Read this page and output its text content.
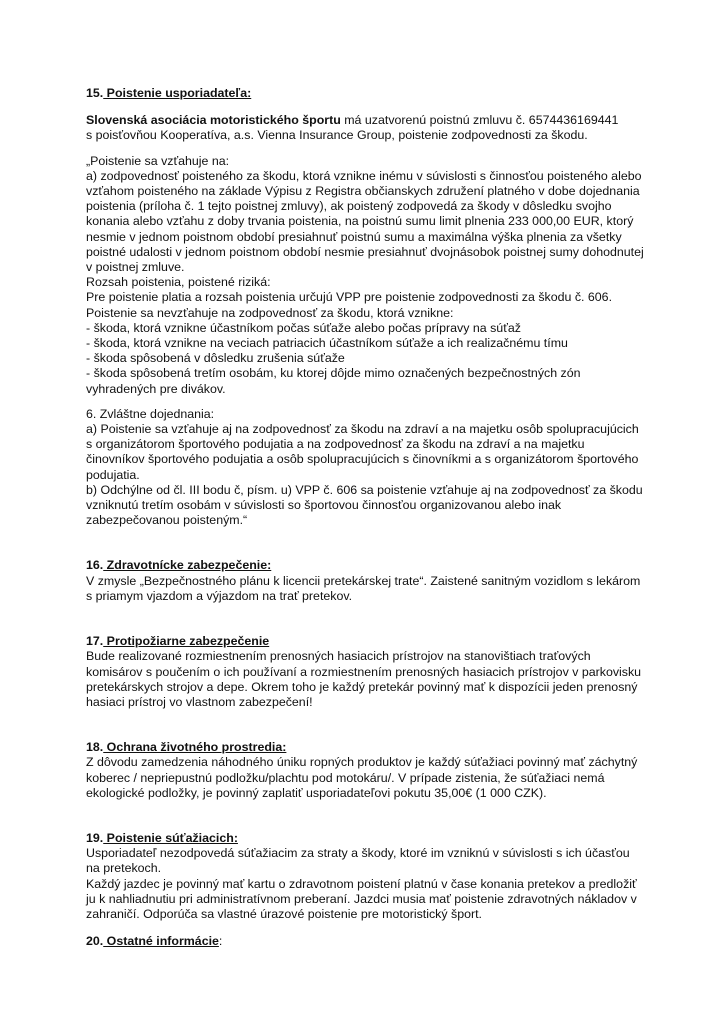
15. Poistenie usporiadateľa:

Slovenská asociácia motoristického športu má uzatvorenú poistnú zmluvu č. 6574436169441
s poisťovňou Kooperatíva, a.s. Vienna Insurance Group, poistenie zodpovednosti za škodu.

„Poistenie sa vzťahuje na:
a) zodpovednosť poisteného za škodu, ktorá vznikne inému v súvislosti s činnosťou poisteného alebo
vzťahom poisteného na základe Výpisu z Registra občianskych združení platného v dobe dojednania
poistenia (príloha č. 1 tejto poistnej zmluvy), ak poistený zodpovedá za škody v dôsledku svojho
konania alebo vzťahu z doby trvania poistenia, na poistnú sumu limit plnenia 233 000,00 EUR, ktorý
nesmie v jednom poistnom období presiahnuť poistnú sumu a maximálna výška plnenia za všetky
poistné udalosti v jednom poistnom období nesmie presiahnuť dvojnásobok poistnej sumy dohodnutej
v poistnej zmluve.
Rozsah poistenia, poistené riziká:
Pre poistenie platia a rozsah poistenia určujú VPP pre poistenie zodpovednosti za škodu č. 606.
Poistenie sa nevzťahuje na zodpovednosť za škodu, ktorá vznikne:
- škoda, ktorá vznikne účastníkom počas súťaže alebo počas prípravy na súťaž
- škoda, ktorá vznikne na veciach patriacich účastníkom súťaže a ich realizačnému tímu
- škoda spôsobená v dôsledku zrušenia súťaže
- škoda spôsobená tretím osobám, ku ktorej dôjde mimo označených bezpečnostných zón
vyhradených pre divákov.

6. Zvláštne dojednania:
a) Poistenie sa vzťahuje aj na zodpovednosť za škodu na zdraví a na majetku osôb spolupracujúcich
s organizátorom športového podujatia a na zodpovednosť za škodu na zdraví a na majetku
činovníkov športového podujatia a osôb spolupracujúcich s činovníkmi a s organizátorom športového
podujatia.
b) Odchýlne od čl. III bodu č, písm. u) VPP č. 606 sa poistenie vzťahuje aj na zodpovednosť za škodu
vzniknutú tretím osobám v súvislosti so športovou činnosťou organizovanou alebo inak
zabezpečovanou poisteným.“

16. Zdravotnícke zabezpečenie:

V zmysle „Bezpečnostného plánu k licencii pretekárskej trate“. Zaistené sanitným vozidlom s lekárom
s priamym vjazdom a výjazdom na trať pretekov.

17. Protipožiarne zabezpečenie

Bude realizované rozmiestnením prenosných hasiacich prístrojov na stanovištiach traťových
komisárov s poučením o ich používaní a rozmiestnením prenosných hasiacich prístrojov v parkovisku
pretekárskych strojov a depe. Okrem toho je každý pretekár povinný mať k dispozícii jeden prenosný
hasiaci prístroj vo vlastnom zabezpečení!

18. Ochrana životného prostredia:

Z dôvodu zamedzenia náhodného úniku ropných produktov je každý súťažiaci povinný mať záchytný
koberec / nepriepustnú podložku/plachtu pod motokáru/. V prípade zistenia, že súťažiaci nemá
ekologické podložky, je povinný zaplatiť usporiadateľovi pokutu 35,00€ (1 000 CZK).

19. Poistenie súťažiacich:

Usporiadateľ nezodpovedá súťažiacim za straty a škody, ktoré im vzniknú v súvislosti s ich účasťou
na pretekoch.
Každý jazdec je povinný mať kartu o zdravotnom poistení platnú v čase konania pretekov a predložiť
ju k nahliadnutiu pri administratívnom preberaní. Jazdci musia mať poistenie zdravotných nákladov v
zahraničí. Odporúča sa vlastné úrazové poistenie pre motoristický šport.

20. Ostatné informácie:
